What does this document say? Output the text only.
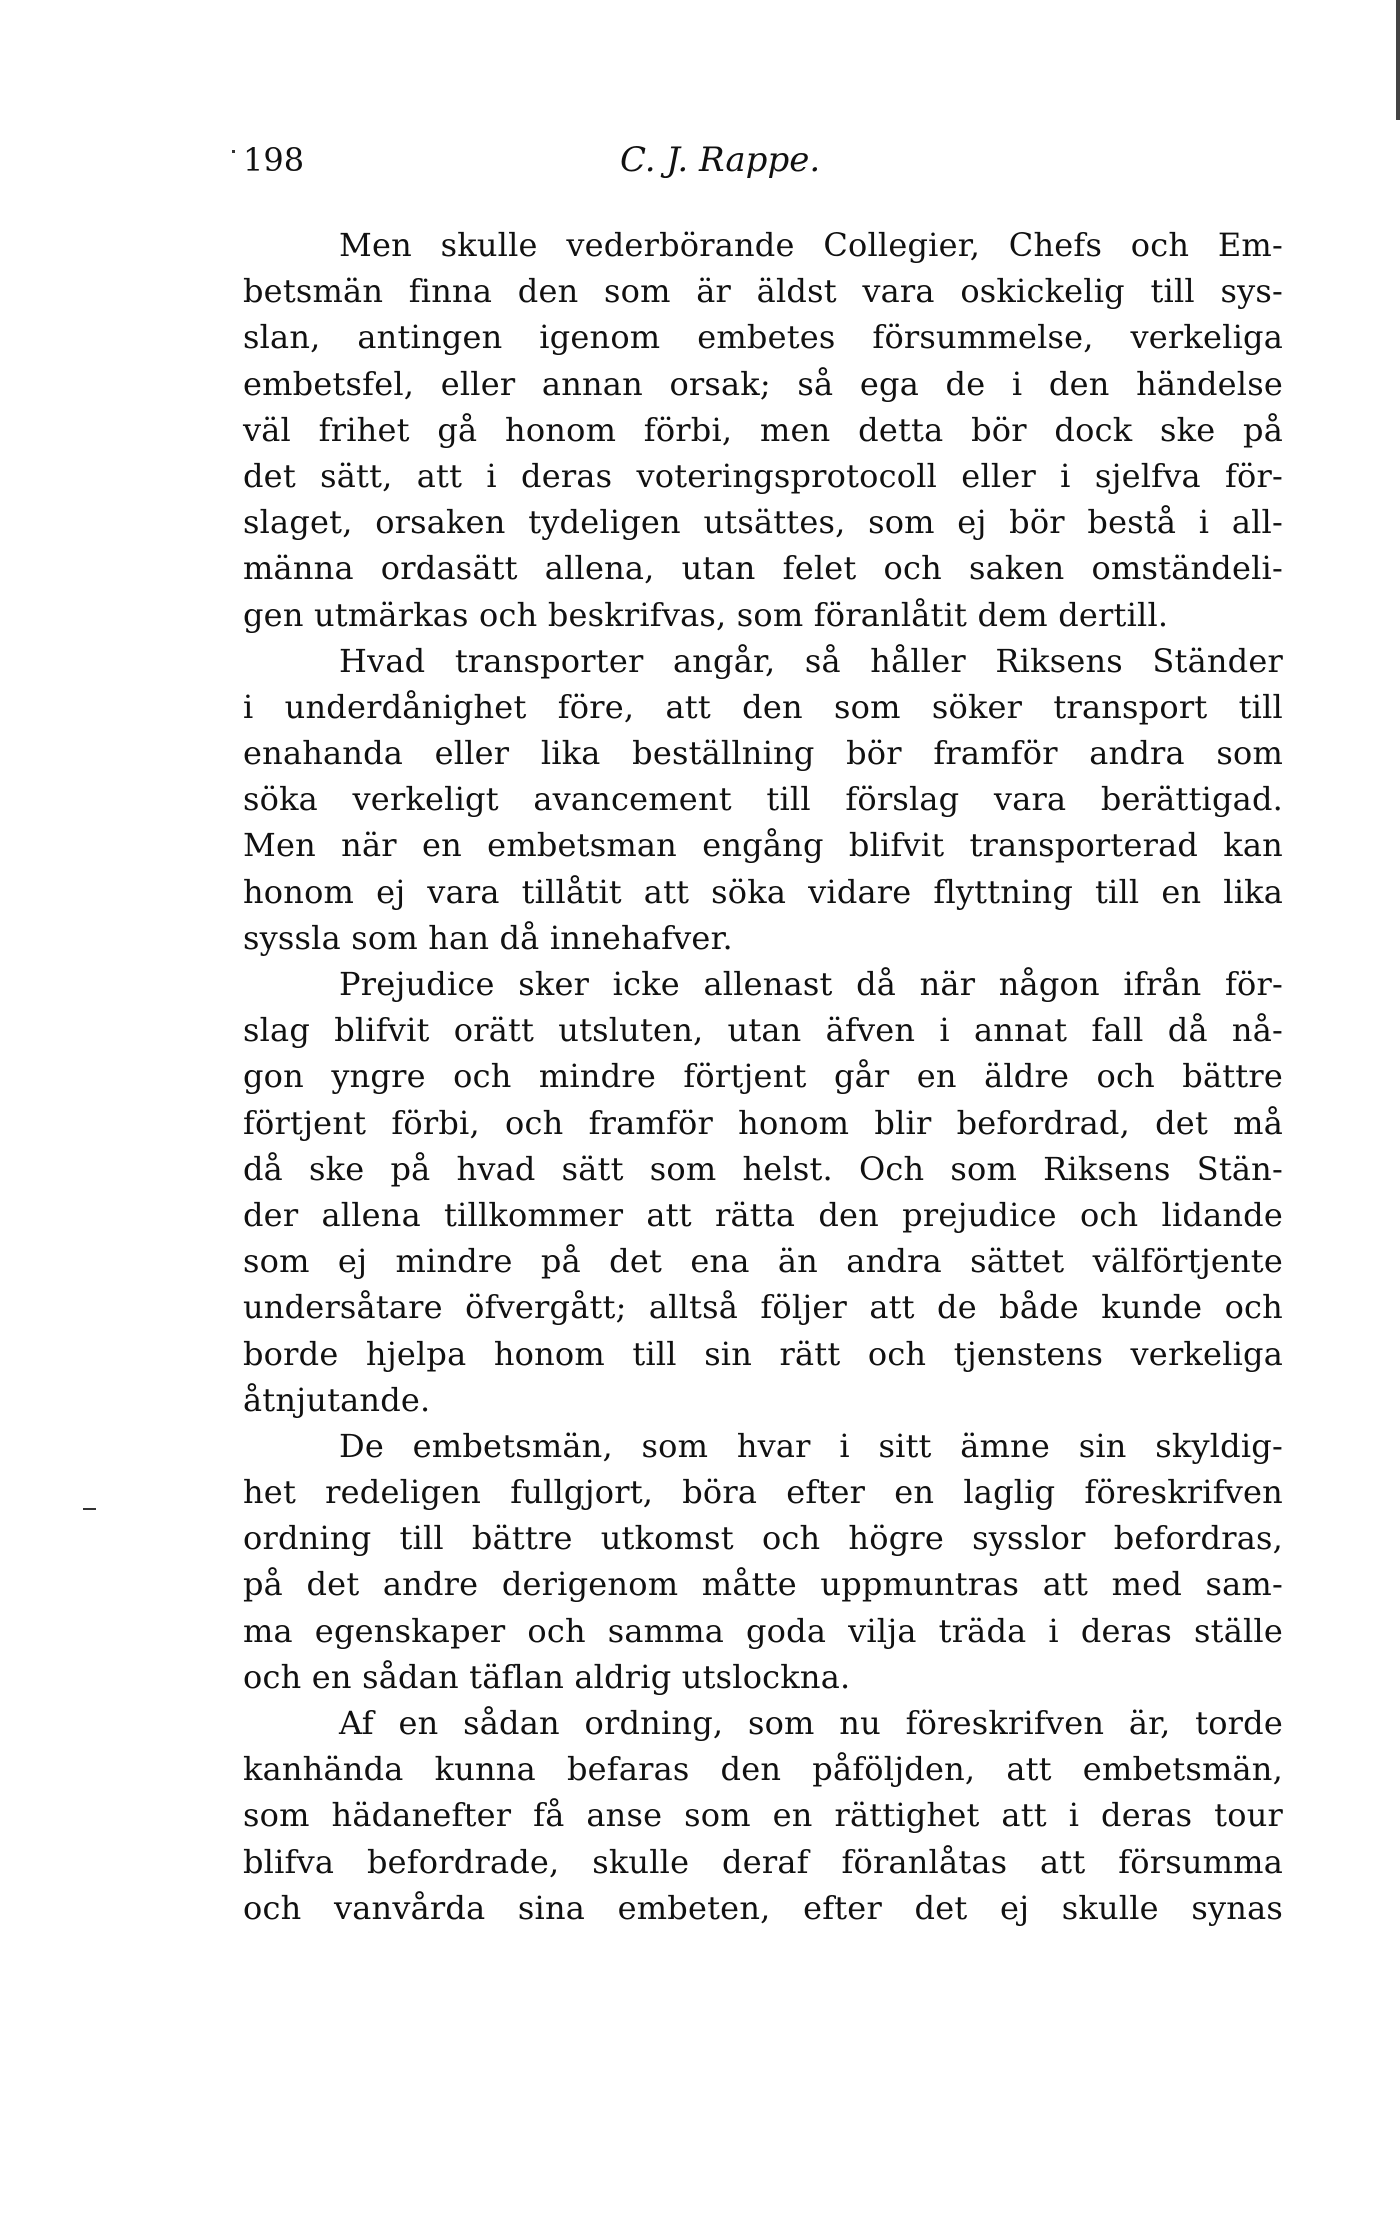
198	C. J. Rappe.
Men skulle vederbörande Collegier, Chefs och Em-
betsmän finna den som är äldst vara oskickelig till sys-
slan, antingen igenom embetes försummelse, verkeliga
embetsfel, eller annan orsak; så ega de i den händelse
väl frihet gå honom förbi, men detta bör dock ske på
det sätt, att i deras voteringsprotocoll eller i sjelfva för-
slaget, orsaken tydeligen utsättes, som ej bör bestå i all-
männa ordasätt allena, utan felet och saken omständeli-
gen utmärkas och beskrifvas, som föranlåtit dem dertill.
Hvad transporter angår, så håller Riksens Ständer
i underdånighet före, att den som söker transport till
enahanda eller lika beställning bör framför andra som
söka verkeligt avancement till förslag vara berättigad.
Men när en embetsman engång blifvit transporterad kan
honom ej vara tillåtit att söka vidare flyttning till en lika
syssla som han då innehafver.
Prejudice sker icke allenast då när någon ifrån för-
slag blifvit orätt utsluten, utan äfven i annat fall då nå-
gon yngre och mindre förtjent går en äldre och bättre
förtjent förbi, och framför honom blir befordrad, det må
då ske på hvad sätt som helst. Och som Riksens Stän-
der allena tillkommer att rätta den prejudice och lidande
som ej mindre på det ena än andra sättet välförtjente
undersåtare öfvergått; alltså följer att de både kunde och
borde hjelpa honom till sin rätt och tjenstens verkeliga
åtnjutande.
De embetsmän, som hvar i sitt ämne sin skyldig-
het redeligen fullgjort, böra efter en laglig föreskrifven
ordning till bättre utkomst och högre sysslor befordras,
på det andre derigenom måtte uppmuntras att med sam-
ma egenskaper och samma goda vilja träda i deras ställe
och en sådan täflan aldrig utslockna.
Af en sådan ordning, som nu föreskrifven är, torde
kanhända kunna befaras den påföljden, att embetsmän,
som hädanefter få anse som en rättighet att i deras tour
blifva befordrade, skulle deraf föranlåtas att försumma
och vanvårda sina embeten, efter det ej skulle synas
